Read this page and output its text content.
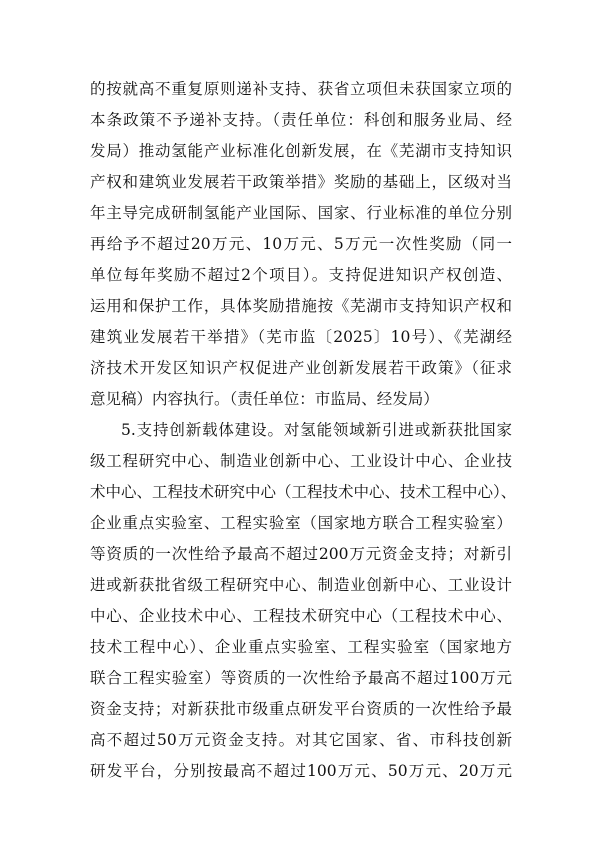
的按就高不重复原则递补支持、获省立项但未获国家立项的
本条政策不予递补支持。（责任单位：科创和服务业局、经
发局）推动氢能产业标准化创新发展，在《芜湖市支持知识
产权和建筑业发展若干政策举措》奖励的基础上，区级对当
年主导完成研制氢能产业国际、国家、行业标准的单位分别
再给予不超过20万元、10万元、5万元一次性奖励（同一
单位每年奖励不超过2个项目）。支持促进知识产权创造、
运用和保护工作，具体奖励措施按《芜湖市支持知识产权和
建筑业发展若干举措》（芜市监〔2025〕10号）、《芜湖经
济技术开发区知识产权促进产业创新发展若干政策》（征求
意见稿）内容执行。（责任单位：市监局、经发局）
5.支持创新载体建设。对氢能领域新引进或新获批国家
级工程研究中心、制造业创新中心、工业设计中心、企业技
术中心、工程技术研究中心（工程技术中心、技术工程中心）、
企业重点实验室、工程实验室（国家地方联合工程实验室）
等资质的一次性给予最高不超过200万元资金支持；对新引
进或新获批省级工程研究中心、制造业创新中心、工业设计
中心、企业技术中心、工程技术研究中心（工程技术中心、
技术工程中心）、企业重点实验室、工程实验室（国家地方
联合工程实验室）等资质的一次性给予最高不超过100万元
资金支持；对新获批市级重点研发平台资质的一次性给予最
高不超过50万元资金支持。对其它国家、省、市科技创新
研发平台，分别按最高不超过100万元、50万元、20万元
